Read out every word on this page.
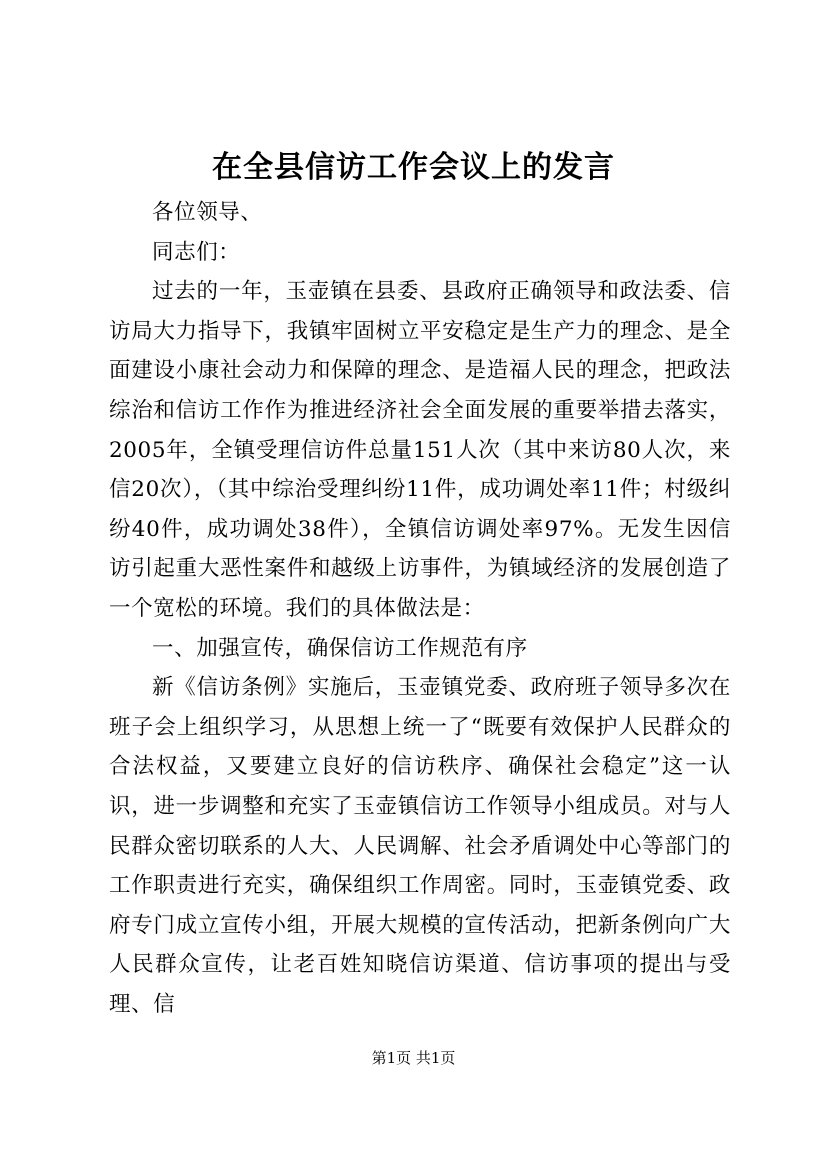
在全县信访工作会议上的发言

各位领导、

同志们：

过去的一年，玉壶镇在县委、县政府正确领导和政法委、信访局大力指导下，我镇牢固树立平安稳定是生产力的理念、是全面建设小康社会动力和保障的理念、是造福人民的理念，把政法综治和信访工作作为推进经济社会全面发展的重要举措去落实，2005年，全镇受理信访件总量151人次（其中来访80人次，来信20次），（其中综治受理纠纷11件，成功调处率11件；村级纠纷40件，成功调处38件），全镇信访调处率97%。无发生因信访引起重大恶性案件和越级上访事件，为镇域经济的发展创造了一个宽松的环境。我们的具体做法是：

一、加强宣传，确保信访工作规范有序

新《信访条例》实施后，玉壶镇党委、政府班子领导多次在班子会上组织学习，从思想上统一了“既要有效保护人民群众的合法权益，又要建立良好的信访秩序、确保社会稳定”这一认识，进一步调整和充实了玉壶镇信访工作领导小组成员。对与人民群众密切联系的人大、人民调解、社会矛盾调处中心等部门的工作职责进行充实，确保组织工作周密。同时，玉壶镇党委、政府专门成立宣传小组，开展大规模的宣传活动，把新条例向广大人民群众宣传，让老百姓知晓信访渠道、信访事项的提出与受理、信

第1页 共1页
